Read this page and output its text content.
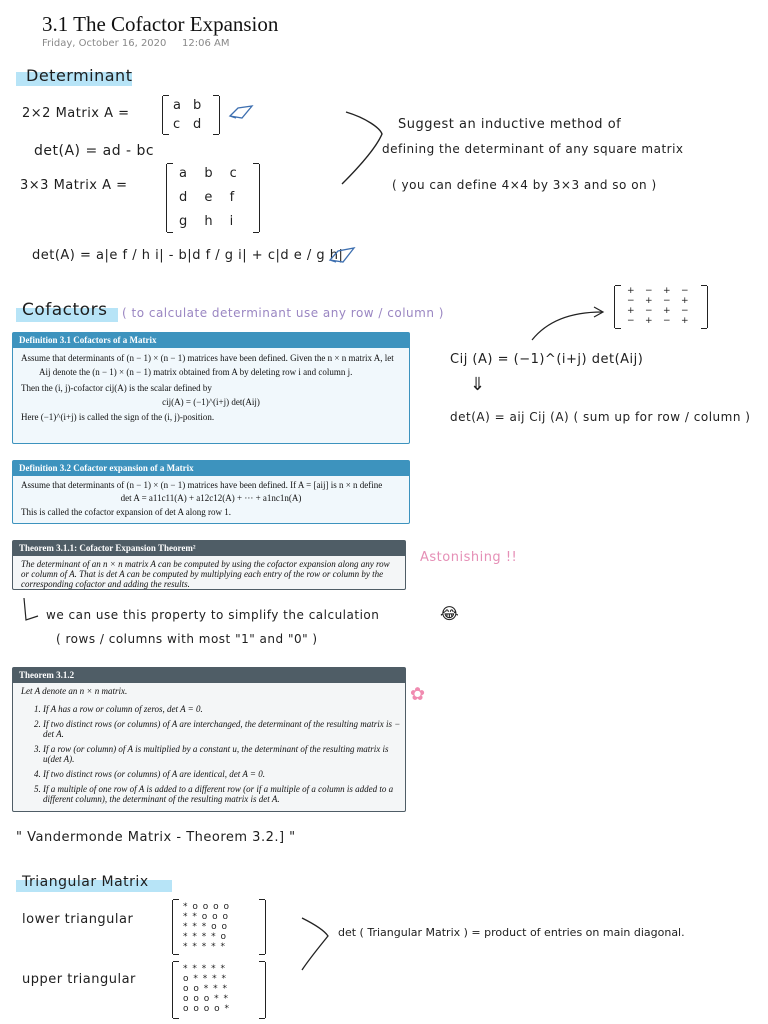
3.1 The Cofactor Expansion
Friday, October 16, 2020 12:06 AM
Determinant
2×2 Matrix A =
a b
c d
det(A) = ad - bc
3×3 Matrix A =
a	b	c
d	e	f
g	h	i
det(A) = a|e f / h i| - b|d f / g i| + c|d e / g h|
Suggest an inductive method of
defining the determinant of any square matrix
( you can define 4×4 by 3×3 and so on )
Cofactors ( to calculate determinant use any row / column )
+	−	+	−
−	+	−	+
+	−	+	−
−	+	−	+
Cij (A) = (−1)^(i+j) det(Aij)
⇓
det(A) = aij Cij (A) ( sum up for row / column )
Definition 3.1 Cofactors of a Matrix

Assume that determinants of (n − 1) × (n − 1) matrices have been defined. Given the n × n matrix A, let

Aij denote the (n − 1) × (n − 1) matrix obtained from A by deleting row i and column j.

Then the (i, j)-cofactor cij(A) is the scalar defined by

cij(A) = (−1)^(i+j) det(Aij)

Here (−1)^(i+j) is called the sign of the (i, j)-position.

Definition 3.2 Cofactor expansion of a Matrix

Assume that determinants of (n − 1) × (n − 1) matrices have been defined. If A = [aij] is n × n define

det A = a11c11(A) + a12c12(A) + ··· + a1nc1n(A)

This is called the cofactor expansion of det A along row 1.

Theorem 3.1.1: Cofactor Expansion Theorem²

The determinant of an n × n matrix A can be computed by using the cofactor expansion along any row or column of A. That is det A can be computed by multiplying each entry of the row or column by the corresponding cofactor and adding the results.

Astonishing !!
we can use this property to simplify the calculation	😂
( rows / columns with most "1" and "0" )
Theorem 3.1.2

Let A denote an n × n matrix.

1. If A has a row or column of zeros, det A = 0.
2. If two distinct rows (or columns) of A are interchanged, the determinant of the resulting matrix is − det A.
3. If a row (or column) of A is multiplied by a constant u, the determinant of the resulting matrix is u(det A).
4. If two distinct rows (or columns) of A are identical, det A = 0.
5. If a multiple of one row of A is added to a different row (or if a multiple of a column is added to a different column), the determinant of the resulting matrix is det A.
✿
" Vandermonde Matrix - Theorem 3.2.] "
Triangular Matrix
lower triangular
* o o o o
* * o o o
* * * o o
* * * * o
* * * * *
upper triangular
* * * * *
o * * * *
o o * * *
o o o * *
o o o o *
det ( Triangular Matrix ) = product of entries on main diagonal.
